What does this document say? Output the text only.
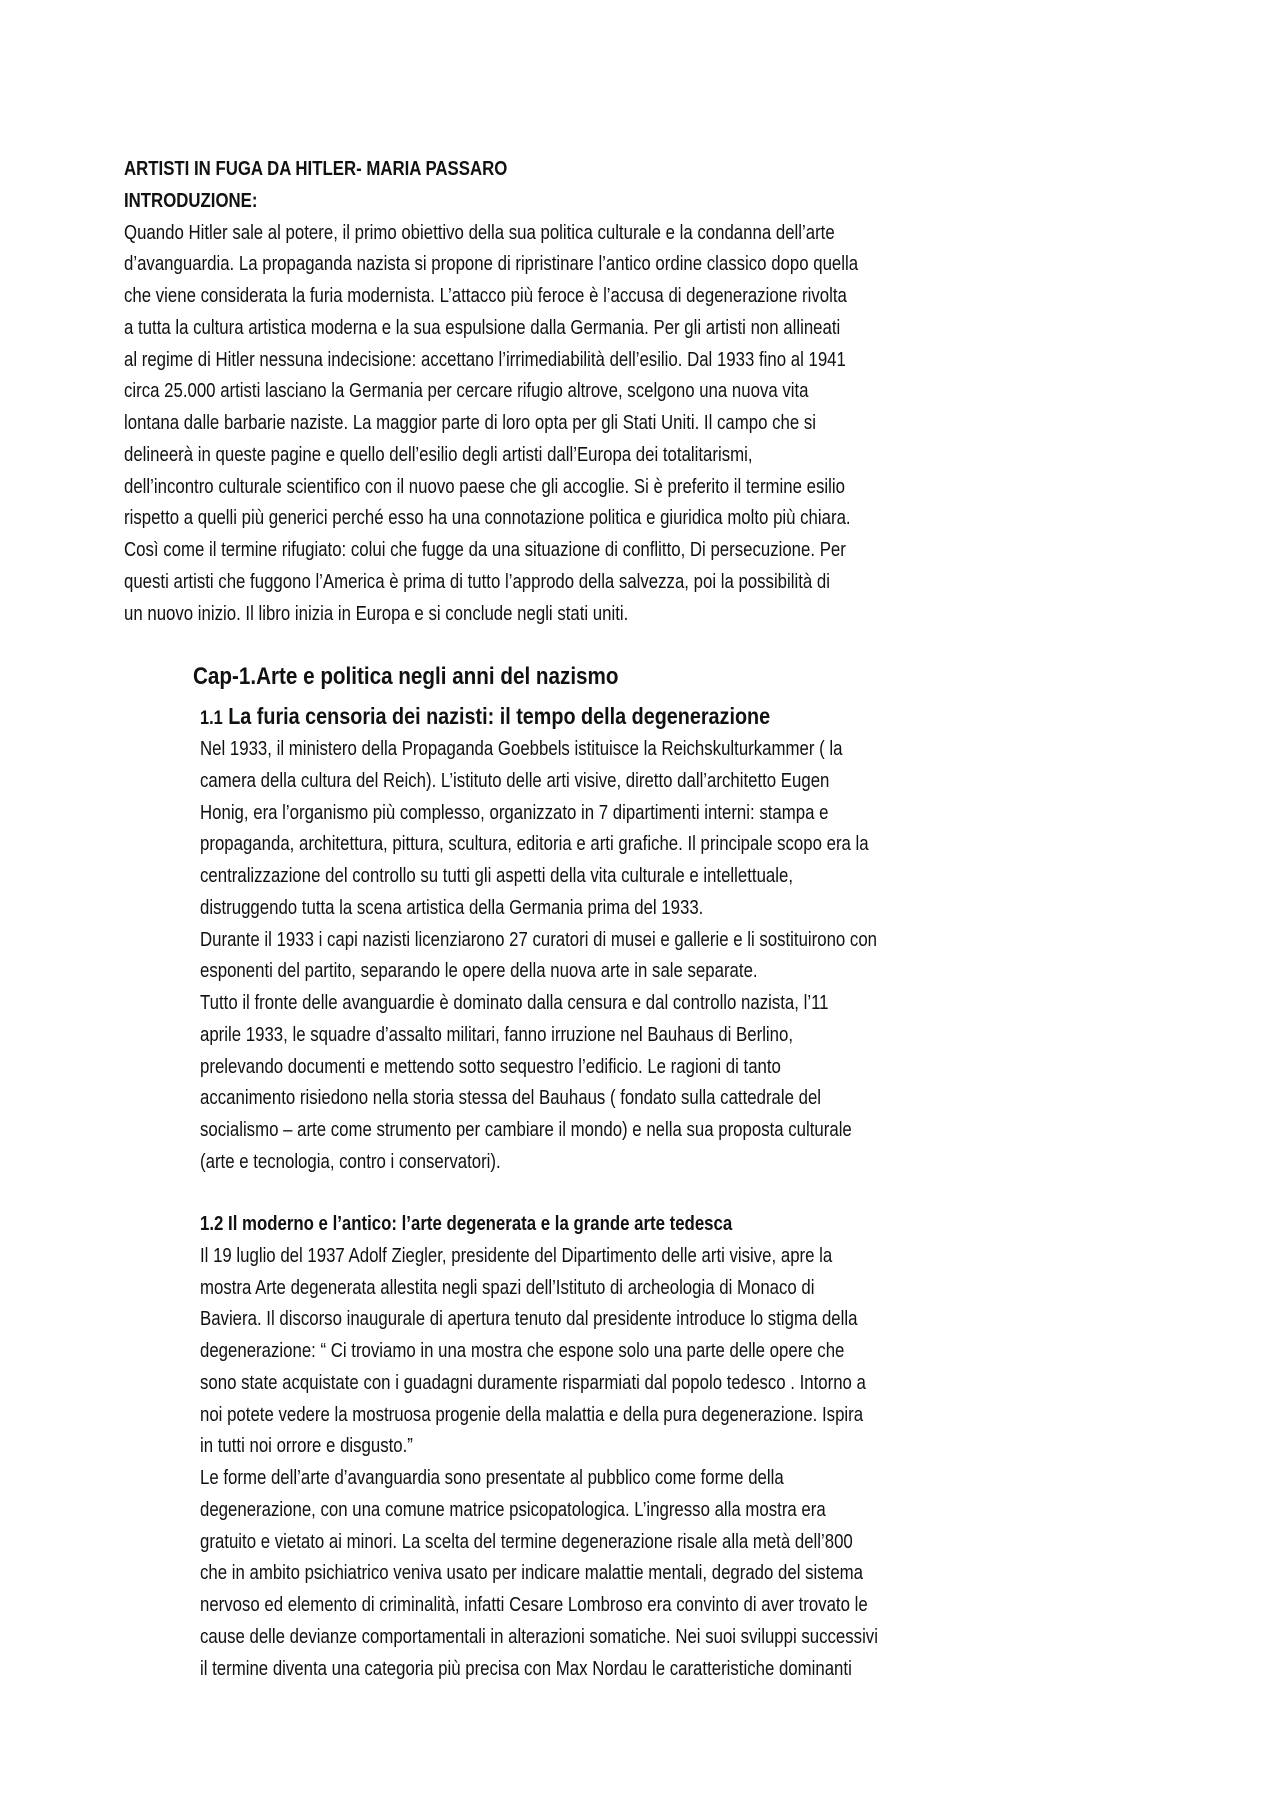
ARTISTI IN FUGA DA HITLER- MARIA PASSARO
INTRODUZIONE:
Quando Hitler sale al potere, il primo obiettivo della sua politica culturale e la condanna dell’arte
d’avanguardia. La propaganda nazista si propone di ripristinare l’antico ordine classico dopo quella
che viene considerata la furia modernista. L’attacco più feroce è l’accusa di degenerazione rivolta
a tutta la cultura artistica moderna e la sua espulsione dalla Germania. Per gli artisti non allineati
al regime di Hitler nessuna indecisione: accettano l’irrimediabilità dell’esilio. Dal 1933 fino al 1941
circa 25.000 artisti lasciano la Germania per cercare rifugio altrove, scelgono una nuova vita
lontana dalle barbarie naziste. La maggior parte di loro opta per gli Stati Uniti. Il campo che si
delineerà in queste pagine e quello dell’esilio degli artisti dall’Europa dei totalitarismi,
dell’incontro culturale scientifico con il nuovo paese che gli accoglie. Si è preferito il termine esilio
rispetto a quelli più generici perché esso ha una connotazione politica e giuridica molto più chiara.
Così come il termine rifugiato: colui che fugge da una situazione di conflitto, Di persecuzione. Per
questi artisti che fuggono l’America è prima di tutto l’approdo della salvezza, poi la possibilità di
un nuovo inizio. Il libro inizia in Europa e si conclude negli stati uniti.
Cap-1.Arte e politica negli anni del nazismo
1.1 La furia censoria dei nazisti: il tempo della degenerazione
Nel 1933, il ministero della Propaganda Goebbels istituisce la Reichskulturkammer ( la
camera della cultura del Reich). L’istituto delle arti visive, diretto dall’architetto Eugen
Honig, era l’organismo più complesso, organizzato in 7 dipartimenti interni: stampa e
propaganda, architettura, pittura, scultura, editoria e arti grafiche. Il principale scopo era la
centralizzazione del controllo su tutti gli aspetti della vita culturale e intellettuale,
distruggendo tutta la scena artistica della Germania prima del 1933.
Durante il 1933 i capi nazisti licenziarono 27 curatori di musei e gallerie e li sostituirono con
esponenti del partito, separando le opere della nuova arte in sale separate.
Tutto il fronte delle avanguardie è dominato dalla censura e dal controllo nazista, l’11
aprile 1933, le squadre d’assalto militari, fanno irruzione nel Bauhaus di Berlino,
prelevando documenti e mettendo sotto sequestro l’edificio. Le ragioni di tanto
accanimento risiedono nella storia stessa del Bauhaus ( fondato sulla cattedrale del
socialismo – arte come strumento per cambiare il mondo) e nella sua proposta culturale
(arte e tecnologia, contro i conservatori).
1.2 Il moderno e l’antico: l’arte degenerata e la grande arte tedesca
Il 19 luglio del 1937 Adolf Ziegler, presidente del Dipartimento delle arti visive, apre la
mostra Arte degenerata allestita negli spazi dell’Istituto di archeologia di Monaco di
Baviera. Il discorso inaugurale di apertura tenuto dal presidente introduce lo stigma della
degenerazione: “ Ci troviamo in una mostra che espone solo una parte delle opere che
sono state acquistate con i guadagni duramente risparmiati dal popolo tedesco . Intorno a
noi potete vedere la mostruosa progenie della malattia e della pura degenerazione. Ispira
in tutti noi orrore e disgusto.”
Le forme dell’arte d’avanguardia sono presentate al pubblico come forme della
degenerazione, con una comune matrice psicopatologica. L’ingresso alla mostra era
gratuito e vietato ai minori. La scelta del termine degenerazione risale alla metà dell’800
che in ambito psichiatrico veniva usato per indicare malattie mentali, degrado del sistema
nervoso ed elemento di criminalità, infatti Cesare Lombroso era convinto di aver trovato le
cause delle devianze comportamentali in alterazioni somatiche. Nei suoi sviluppi successivi
il termine diventa una categoria più precisa con Max Nordau le caratteristiche dominanti
